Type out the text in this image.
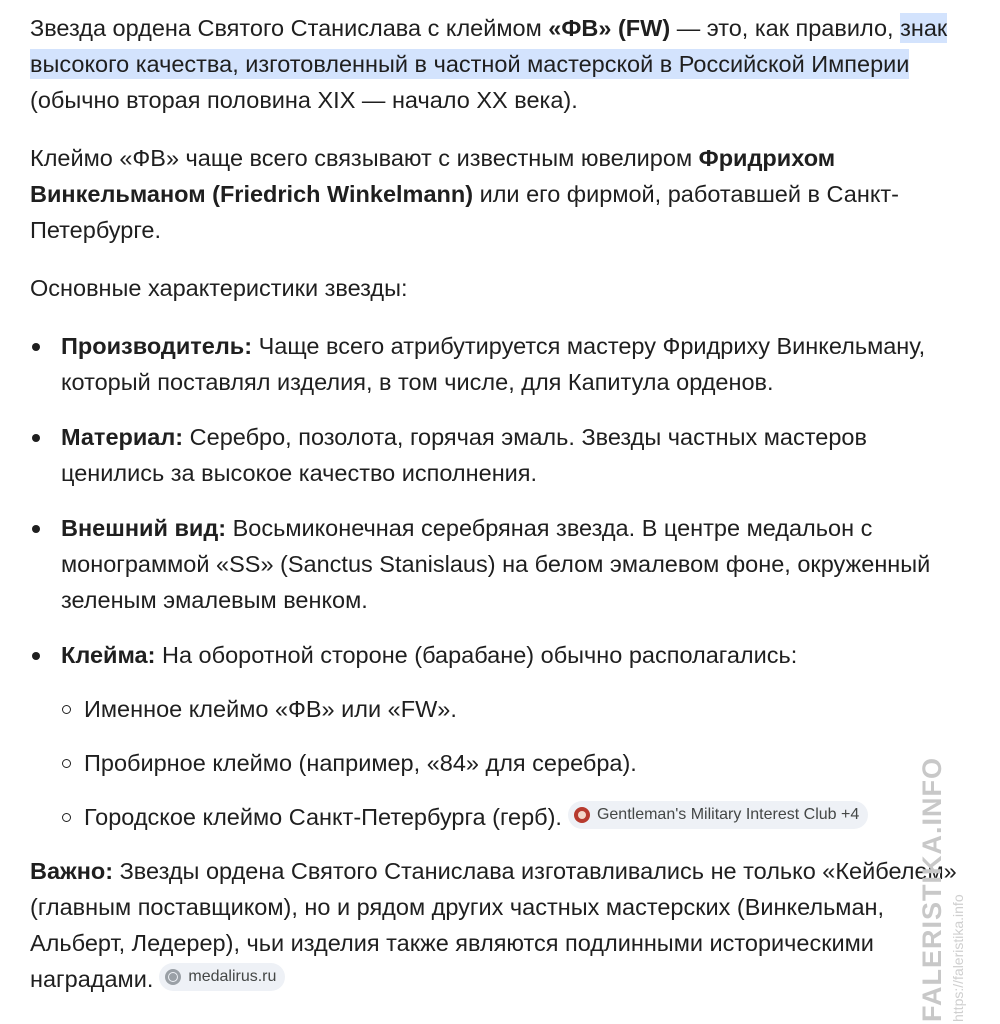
Звезда ордена Святого Станислава с клеймом «ФВ» (FW) — это, как правило, знак
высокого качества, изготовленный в частной мастерской в Российской Империи
(обычно вторая половина XIX — начало XX века).

Клеймо «ФВ» чаще всего связывают с известным ювелиром Фридрихом
Винкельманом (Friedrich Winkelmann) или его фирмой, работавшей в Санкт-
Петербурге.

Основные характеристики звезды:

Производитель: Чаще всего атрибутируется мастеру Фридриху Винкельману,
который поставлял изделия, в том числе, для Капитула орденов.
Материал: Серебро, позолота, горячая эмаль. Звезды частных мастеров
ценились за высокое качество исполнения.
Внешний вид: Восьмиконечная серебряная звезда. В центре медальон с
монограммой «SS» (Sanctus Stanislaus) на белом эмалевом фоне, окруженный
зеленым эмалевым венком.
Клейма: На оборотной стороне (барабане) обычно располагались:
Именное клеймо «ФВ» или «FW».
Пробирное клеймо (например, «84» для серебра).
Городское клеймо Санкт-Петербурга (герб). Gentleman's Military Interest Club +4

Важно: Звезды ордена Святого Станислава изготавливались не только «Кейбелем»
(главным поставщиком), но и рядом других частных мастерских (Винкельман,
Альберт, Ледерер), чьи изделия также являются подлинными историческими
наградами. medalirus.ru	FALERISTIKA.INFO https://faleristika.info
